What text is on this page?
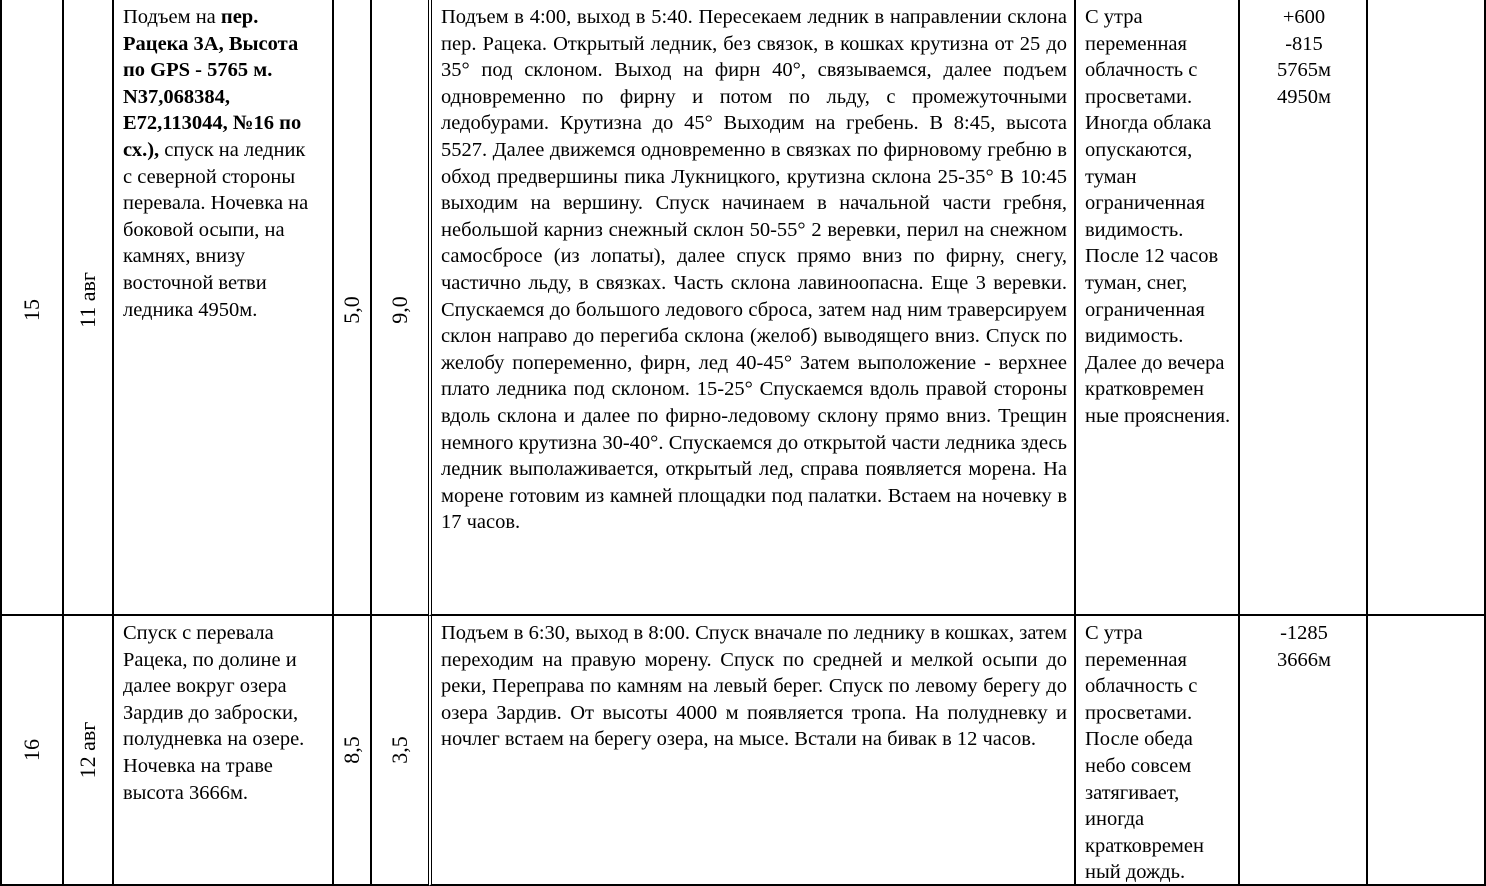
15 11 авг
Подъем на пер. Рацека 3А, Высота по GPS - 5765 м. N37,068384, E72,113044, №16 по сх.), спуск на ледник с северной стороны перевала. Ночевка на боковой осыпи, на камнях, внизу восточной ветви ледника 4950м.	5,0 9,0
Подъем в 4:00, выход в 5:40. Пересекаем ледник в направлении склона пер. Рацека. Открытый ледник, без связок, в кошках крутизна от 25 до 35° под склоном. Выход на фирн 40°, связываемся, далее подъем одновременно по фирну и потом по льду, с промежуточными ледобурами. Крутизна до 45° Выходим на гребень. В 8:45, высота 5527. Далее движемся одновременно в связках по фирновому гребню в обход предвершины пика Лукницкого, крутизна склона 25-35° В 10:45 выходим на вершину. Спуск начинаем в начальной части гребня, небольшой карниз снежный склон 50-55° 2 веревки, перил на снежном самосбросе (из лопаты), далее спуск прямо вниз по фирну, снегу, частично льду, в связках. Часть склона лавиноопасна. Еще 3 веревки. Спускаемся до большого ледового сброса, затем над ним траверсируем склон направо до перегиба склона (желоб) выводящего вниз. Спуск по желобу попеременно, фирн, лед 40-45° Затем выположение - верхнее плато ледника под склоном. 15-25° Спускаемся вдоль правой стороны вдоль склона и далее по фирно-ледовому склону прямо вниз. Трещин немного крутизна 30-40°. Спускаемся до открытой части ледника здесь ледник выполаживается, открытый лед, справа появляется морена. На морене готовим из камней площадки под палатки. Встаем на ночевку в 17 часов.
С утра переменная облачность с просветами. Иногда облака опускаются, туман ограниченная видимость. После 12 часов туман, снег, ограниченная видимость. Далее до вечера кратковремен ные прояснения.
+600
-815
5765м
4950м
16 12 авг
Спуск с перевала Рацека, по долине и далее вокруг озера Зардив до заброски, полудневка на озере. Ночевка на траве высота 3666м.
8,5 3,5
Подъем в 6:30, выход в 8:00. Спуск вначале по леднику в кошках, затем переходим на правую морену. Спуск по средней и мелкой осыпи до реки, Переправа по камням на левый берег. Спуск по левому берегу до озера Зардив. От высоты 4000 м появляется тропа. На полудневку и ночлег встаем на берегу озера, на мысе. Встали на бивак в 12 часов.
С утра переменная облачность с просветами. После обеда небо совсем затягивает, иногда кратковремен ный дождь.
-1285
3666м
